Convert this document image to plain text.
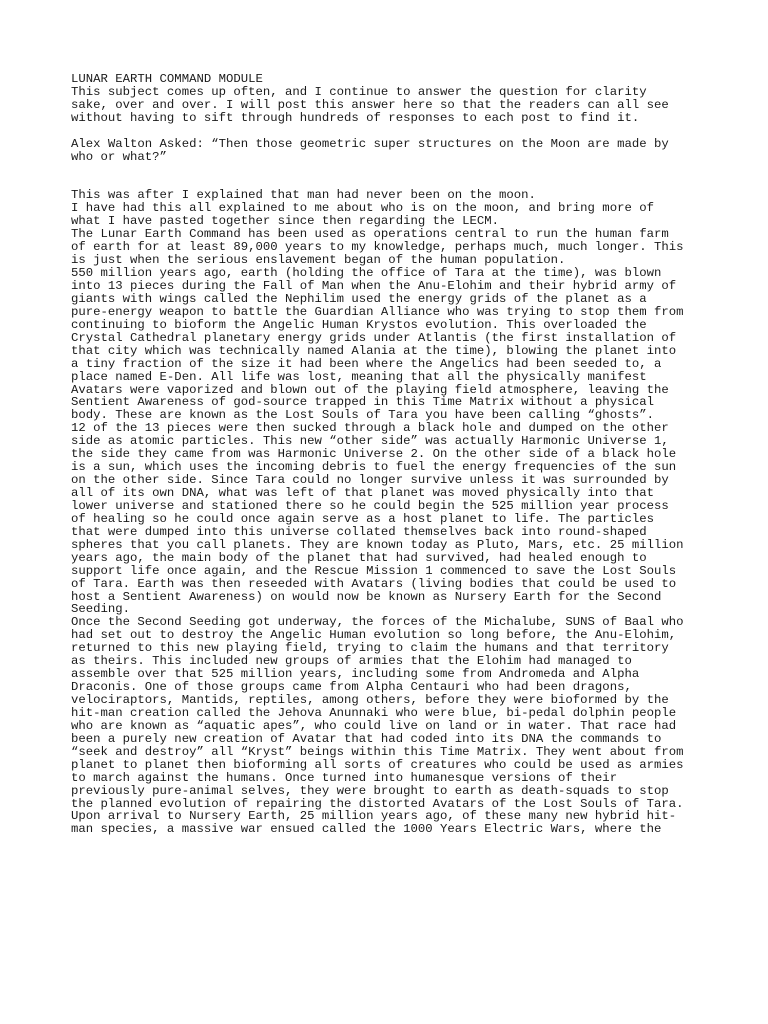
LUNAR EARTH COMMAND MODULE
This subject comes up often, and I continue to answer the question for clarity
sake, over and over. I will post this answer here so that the readers can all see
without having to sift through hundreds of responses to each post to find it.
Alex Walton Asked: “Then those geometric super structures on the Moon are made by
who or what?”
This was after I explained that man had never been on the moon.
I have had this all explained to me about who is on the moon, and bring more of
what I have pasted together since then regarding the LECM.
The Lunar Earth Command has been used as operations central to run the human farm
of earth for at least 89,000 years to my knowledge, perhaps much, much longer. This
is just when the serious enslavement began of the human population.
550 million years ago, earth (holding the office of Tara at the time), was blown
into 13 pieces during the Fall of Man when the Anu-Elohim and their hybrid army of
giants with wings called the Nephilim used the energy grids of the planet as a
pure-energy weapon to battle the Guardian Alliance who was trying to stop them from
continuing to bioform the Angelic Human Krystos evolution. This overloaded the
Crystal Cathedral planetary energy grids under Atlantis (the first installation of
that city which was technically named Alania at the time), blowing the planet into
a tiny fraction of the size it had been where the Angelics had been seeded to, a
place named E-Den. All life was lost, meaning that all the physically manifest
Avatars were vaporized and blown out of the playing field atmosphere, leaving the
Sentient Awareness of god-source trapped in this Time Matrix without a physical
body. These are known as the Lost Souls of Tara you have been calling “ghosts”.
12 of the 13 pieces were then sucked through a black hole and dumped on the other
side as atomic particles. This new “other side” was actually Harmonic Universe 1,
the side they came from was Harmonic Universe 2. On the other side of a black hole
is a sun, which uses the incoming debris to fuel the energy frequencies of the sun
on the other side. Since Tara could no longer survive unless it was surrounded by
all of its own DNA, what was left of that planet was moved physically into that
lower universe and stationed there so he could begin the 525 million year process
of healing so he could once again serve as a host planet to life. The particles
that were dumped into this universe collated themselves back into round-shaped
spheres that you call planets. They are known today as Pluto, Mars, etc. 25 million
years ago, the main body of the planet that had survived, had healed enough to
support life once again, and the Rescue Mission 1 commenced to save the Lost Souls
of Tara. Earth was then reseeded with Avatars (living bodies that could be used to
host a Sentient Awareness) on would now be known as Nursery Earth for the Second
Seeding.
Once the Second Seeding got underway, the forces of the Michalube, SUNS of Baal who
had set out to destroy the Angelic Human evolution so long before, the Anu-Elohim,
returned to this new playing field, trying to claim the humans and that territory
as theirs. This included new groups of armies that the Elohim had managed to
assemble over that 525 million years, including some from Andromeda and Alpha
Draconis. One of those groups came from Alpha Centauri who had been dragons,
velociraptors, Mantids, reptiles, among others, before they were bioformed by the
hit-man creation called the Jehova Anunnaki who were blue, bi-pedal dolphin people
who are known as “aquatic apes”, who could live on land or in water. That race had
been a purely new creation of Avatar that had coded into its DNA the commands to
“seek and destroy” all “Kryst” beings within this Time Matrix. They went about from
planet to planet then bioforming all sorts of creatures who could be used as armies
to march against the humans. Once turned into humanesque versions of their
previously pure-animal selves, they were brought to earth as death-squads to stop
the planned evolution of repairing the distorted Avatars of the Lost Souls of Tara.
Upon arrival to Nursery Earth, 25 million years ago, of these many new hybrid hit-
man species, a massive war ensued called the 1000 Years Electric Wars, where the
